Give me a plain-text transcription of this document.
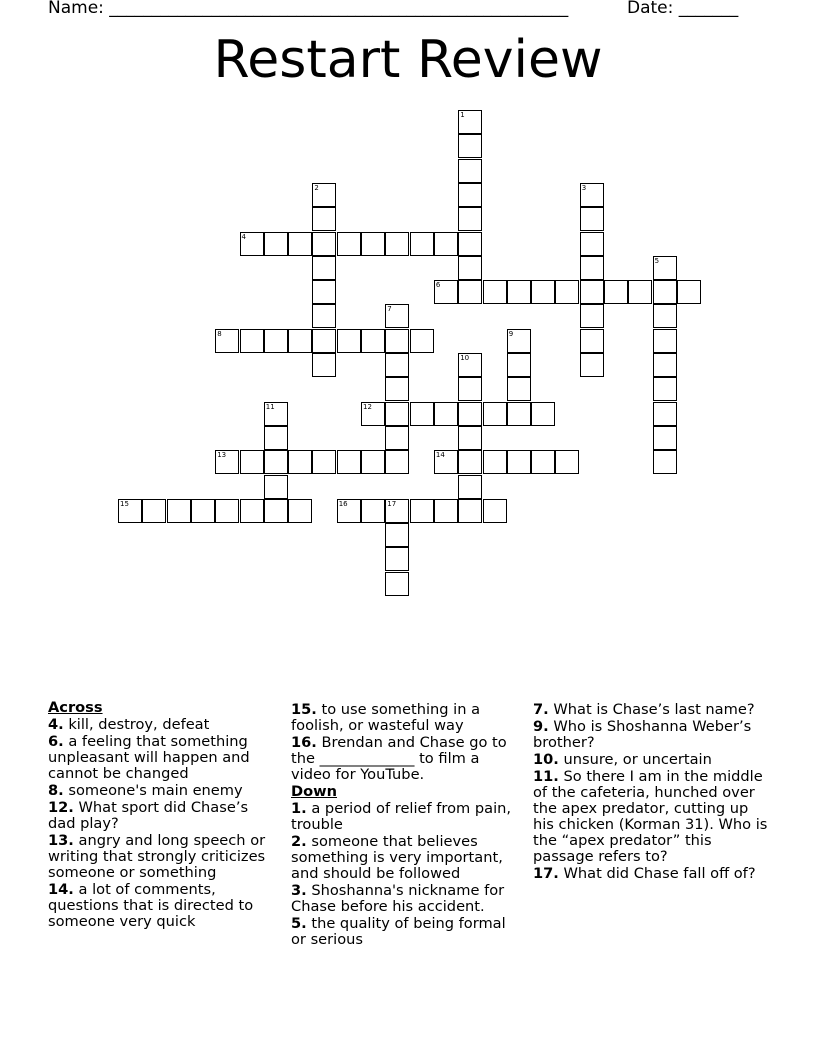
Name: ______________________________________________________	Date: _______
Restart Review
1
2	3
4
5
6
7
8	9
10
11	12
13	14
15	16	17
Across
4. kill, destroy, defeat
6. a feeling that something unpleasant will happen and cannot be changed
8. someone's main enemy
12. What sport did Chase’s dad play?
13. angry and long speech or writing that strongly criticizes someone or something
14. a lot of comments, questions that is directed to someone very quick
15. to use something in a foolish, or wasteful way
16. Brendan and Chase go to the _____________ to film a video for YouTube.
Down
1. a period of relief from pain, trouble
2. someone that believes something is very important, and should be followed
3. Shoshanna's nickname for Chase before his accident.
5. the quality of being formal or serious
7. What is Chase’s last name?
9. Who is Shoshanna Weber’s brother?
10. unsure, or uncertain
11. So there I am in the middle of the cafeteria, hunched over the apex predator, cutting up his chicken (Korman 31). Who is the “apex predator” this passage refers to?
17. What did Chase fall off of?
